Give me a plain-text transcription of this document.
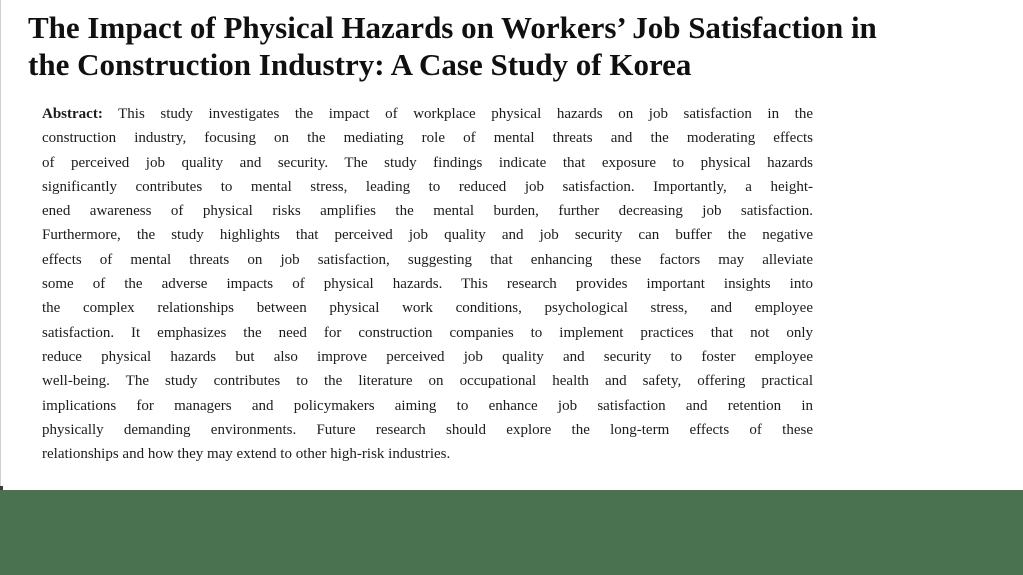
The Impact of Physical Hazards on Workers’ Job Satisfaction in
the Construction Industry: A Case Study of Korea
Abstract: This study investigates the impact of workplace physical hazards on job satisfaction in the
construction industry, focusing on the mediating role of mental threats and the moderating effects
of perceived job quality and security. The study findings indicate that exposure to physical hazards
significantly contributes to mental stress, leading to reduced job satisfaction. Importantly, a height-
ened awareness of physical risks amplifies the mental burden, further decreasing job satisfaction.
Furthermore, the study highlights that perceived job quality and job security can buffer the negative
effects of mental threats on job satisfaction, suggesting that enhancing these factors may alleviate
some of the adverse impacts of physical hazards. This research provides important insights into
the complex relationships between physical work conditions, psychological stress, and employee
satisfaction. It emphasizes the need for construction companies to implement practices that not only
reduce physical hazards but also improve perceived job quality and security to foster employee
well-being. The study contributes to the literature on occupational health and safety, offering practical
implications for managers and policymakers aiming to enhance job satisfaction and retention in
physically demanding environments. Future research should explore the long-term effects of these
relationships and how they may extend to other high-risk industries.
